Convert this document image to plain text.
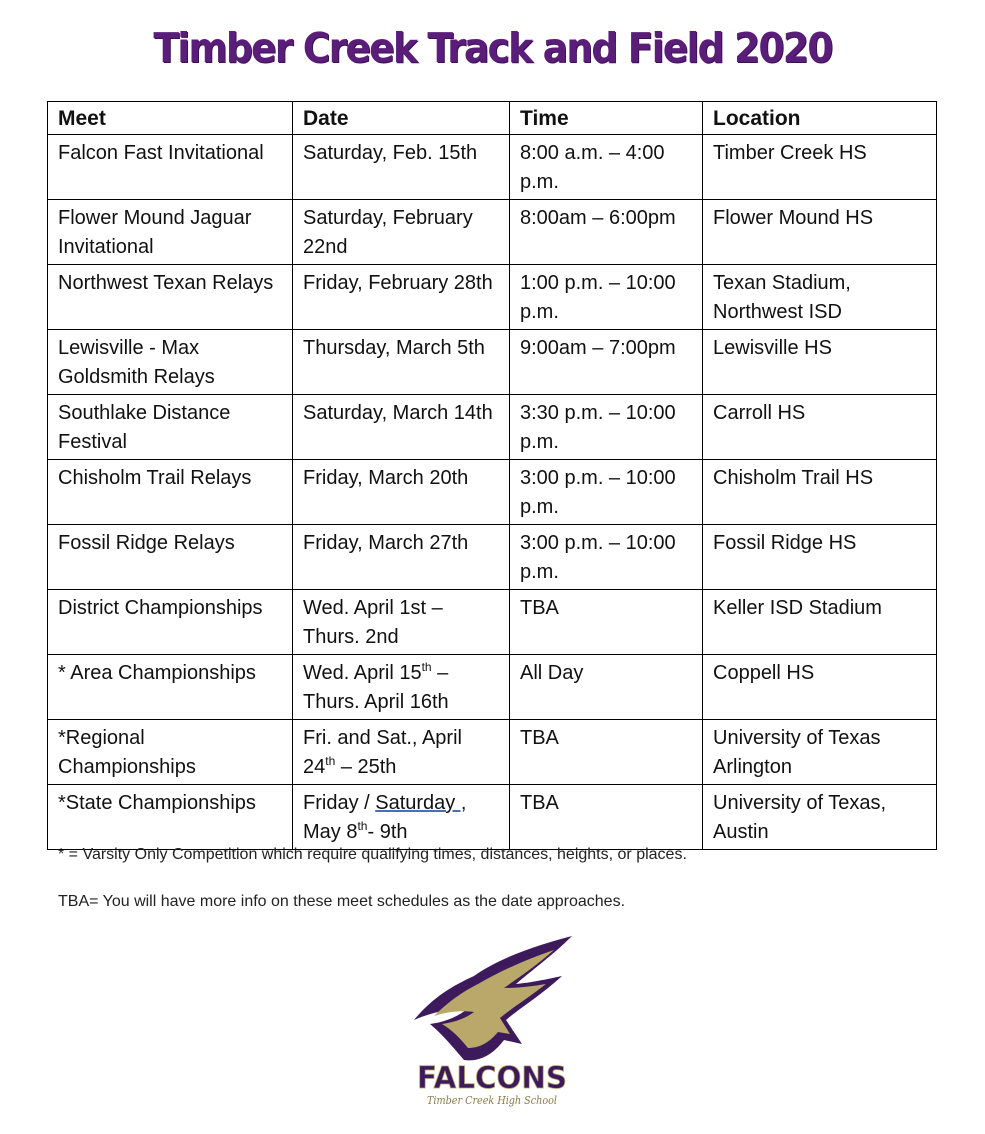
Timber Creek Track and Field 2020
Meet	Date	Time	Location
Falcon Fast Invitational	Saturday, Feb. 15th	8:00 a.m. – 4:00 p.m.	Timber Creek HS
Flower Mound Jaguar Invitational	Saturday, February 22nd	8:00am – 6:00pm	Flower Mound HS
Northwest Texan Relays	Friday, February 28th	1:00 p.m. – 10:00 p.m.	Texan Stadium, Northwest ISD
Lewisville - Max Goldsmith Relays	Thursday, March 5th	9:00am – 7:00pm	Lewisville HS
Southlake Distance Festival	Saturday, March 14th	3:30 p.m. – 10:00 p.m.	Carroll HS
Chisholm Trail Relays	Friday, March 20th	3:00 p.m. – 10:00 p.m.	Chisholm Trail HS
Fossil Ridge Relays	Friday, March 27th	3:00 p.m. – 10:00 p.m.	Fossil Ridge HS
District Championships	Wed. April 1st – Thurs. 2nd	TBA	Keller ISD Stadium
* Area Championships	Wed. April 15th – Thurs. April 16th	All Day	Coppell HS
*Regional Championships	Fri. and Sat., April 24th – 25th	TBA	University of Texas Arlington
*State Championships	Friday / Saturday , May 8th- 9th	TBA	University of Texas, Austin
* = Varsity Only Competition which require qualifying times, distances, heights, or places.
TBA= You will have more info on these meet schedules as the date approaches.
FALCONS
Timber Creek High School
